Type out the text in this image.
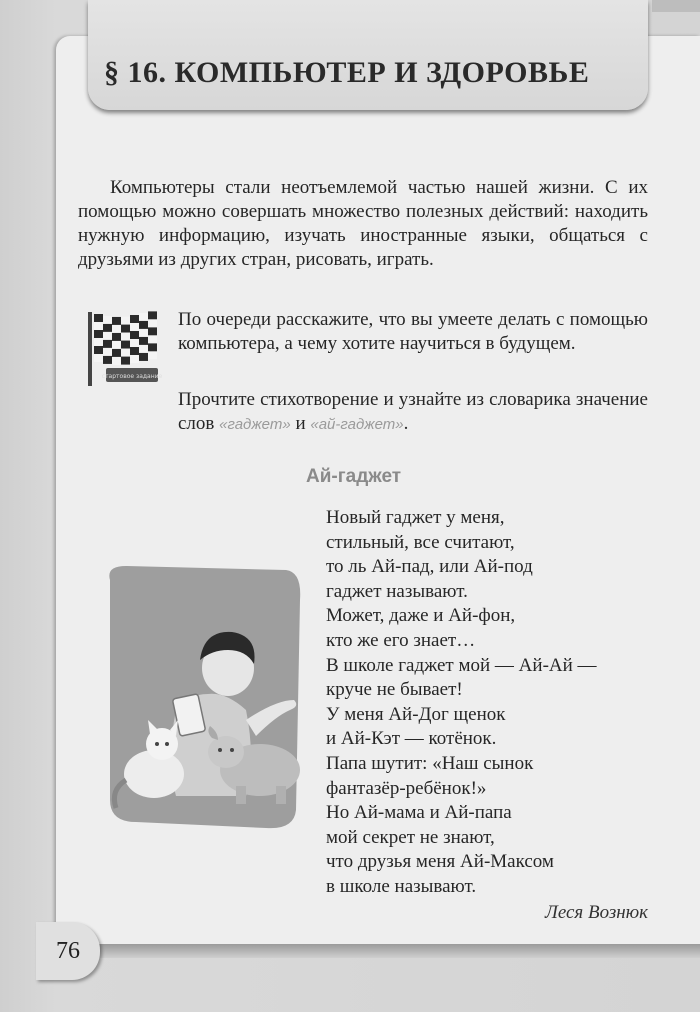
§ 16. КОМПЬЮТЕР И ЗДОРОВЬЕ
Компьютеры стали неотъемлемой частью нашей жизни. С их помощью можно совершать множество полезных действий: находить нужную информацию, изучать иностранные языки, общаться с друзьями из других стран, рисовать, играть.
стартовое задание
По очереди расскажите, что вы умеете делать с помощью компьютера, а чему хотите научиться в будущем.
Прочтите стихотворение и узнайте из словарика значение слов «гаджет» и «ай-гаджет».
Ай-гаджет
Новый гаджет у меня,
стильный, все считают,
то ль Ай-пад, или Ай-под
гаджет называют.
Может, даже и Ай-фон,
кто же его знает…
В школе гаджет мой — Ай-Ай —
круче не бывает!
У меня Ай-Дог щенок
и Ай-Кэт — котёнок.
Папа шутит: «Наш сынок
фантазёр-ребёнок!»
Но Ай-мама и Ай-папа
мой секрет не знают,
что друзья меня Ай-Максом
в школе называют.
Леся Вознюк
76
